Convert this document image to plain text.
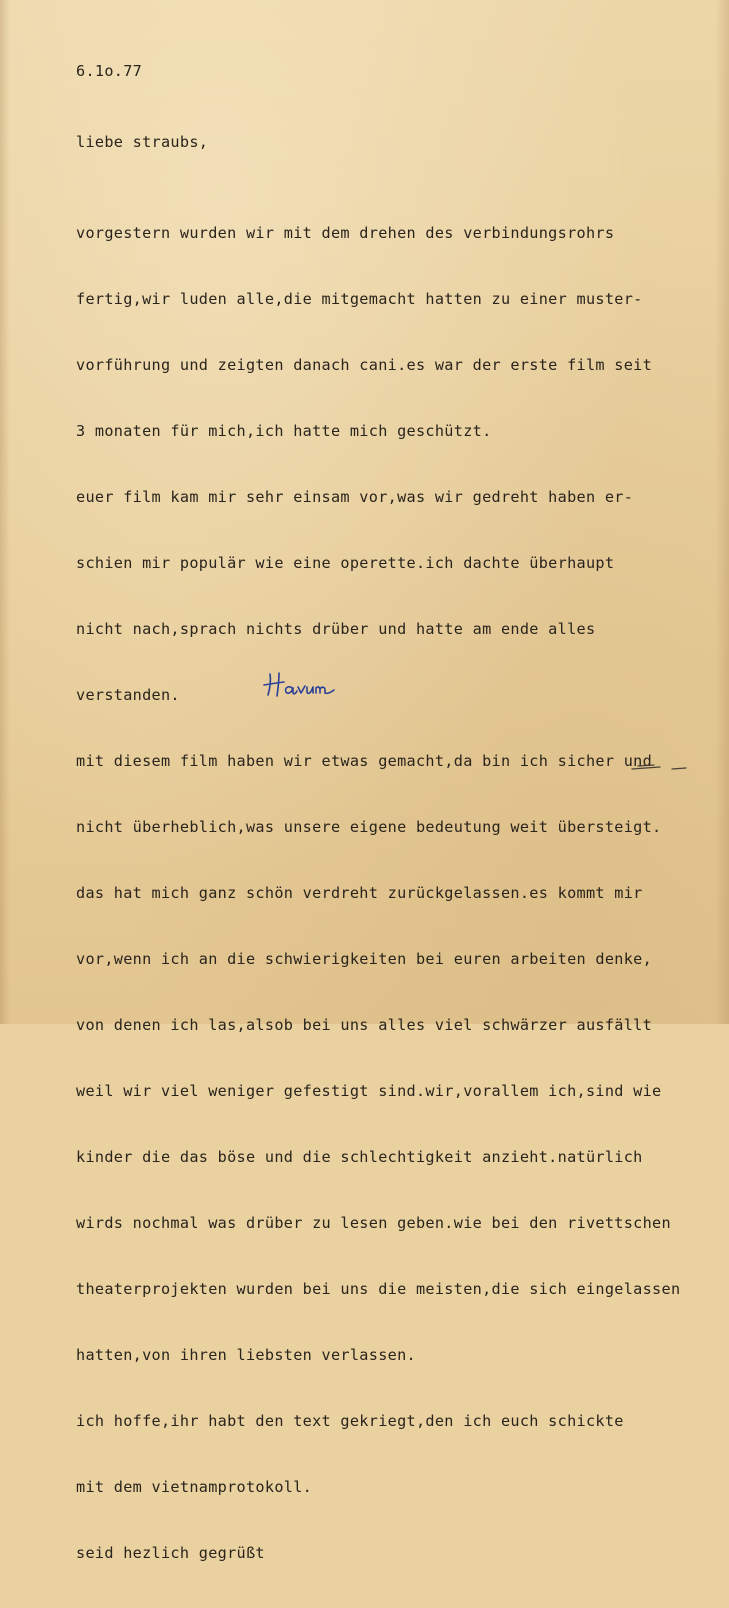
6.1o.77

liebe straubs,

vorgestern wurden wir mit dem drehen des verbindungsrohrs

fertig,wir luden alle,die mitgemacht hatten zu einer muster-

vorführung und zeigten danach cani.es war der erste film seit

3 monaten für mich,ich hatte mich geschützt.

euer film kam mir sehr einsam vor,was wir gedreht haben er-

schien mir populär wie eine operette.ich dachte überhaupt

nicht nach,sprach nichts drüber und hatte am ende alles

verstanden.

mit diesem film haben wir etwas gemacht,da bin ich sicher und

nicht überheblich,was unsere eigene bedeutung weit übersteigt.

das hat mich ganz schön verdreht zurückgelassen.es kommt mir

vor,wenn ich an die schwierigkeiten bei euren arbeiten denke,

von denen ich las,alsob bei uns alles viel schwärzer ausfällt

weil wir viel weniger gefestigt sind.wir,vorallem ich,sind wie

kinder die das böse und die schlechtigkeit anzieht.natürlich

wirds nochmal was drüber zu lesen geben.wie bei den rivettschen

theaterprojekten wurden bei uns die meisten,die sich eingelassen

hatten,von ihren liebsten verlassen.

ich hoffe,ihr habt den text gekriegt,den ich euch schickte

mit dem vietnamprotokoll.

seid hezlich gegrüßt
